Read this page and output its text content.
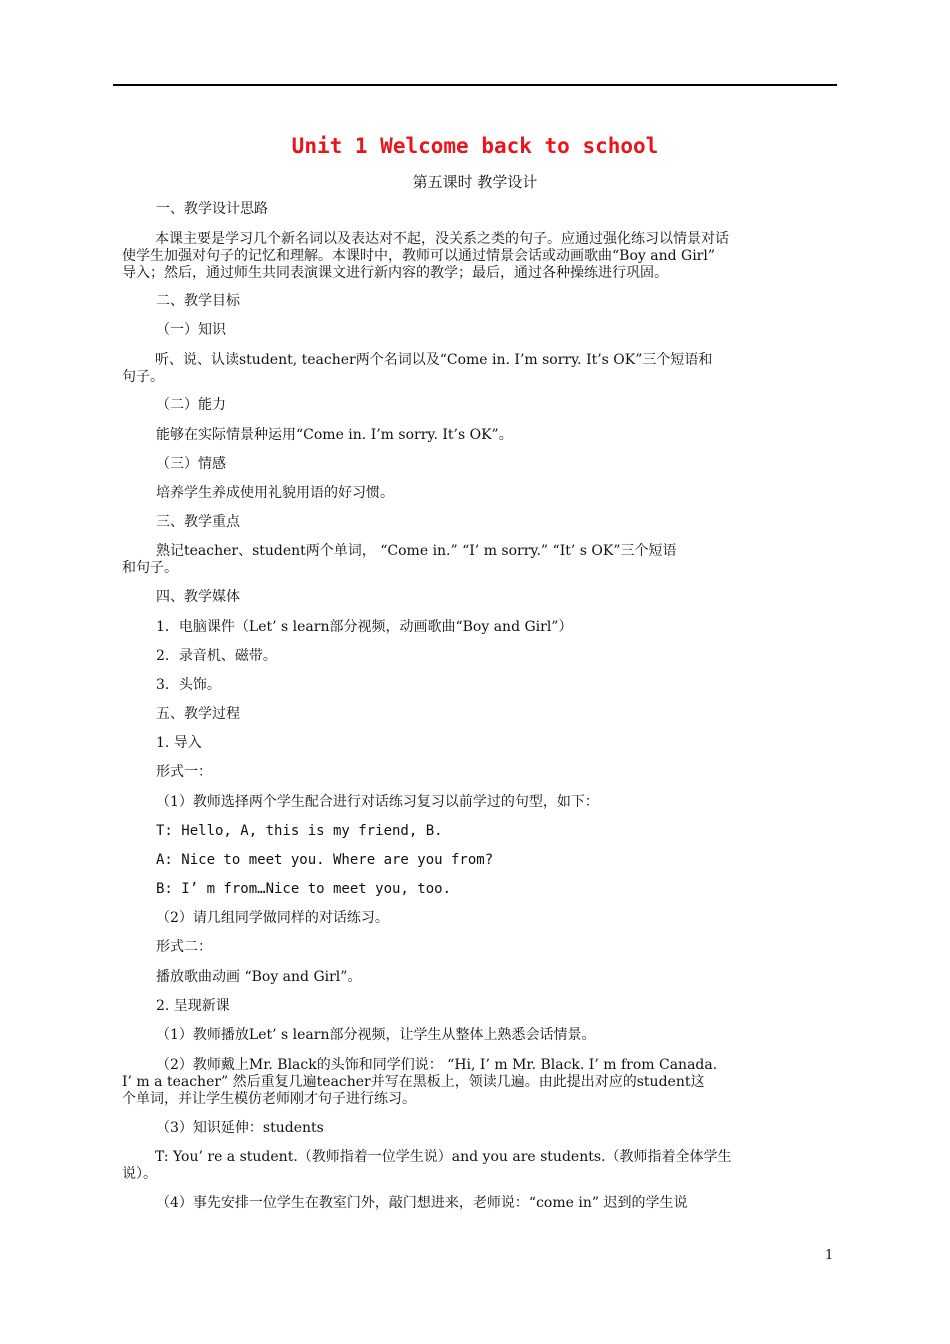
Unit 1 Welcome back to school
第五课时 教学设计
一、教学设计思路
本课主要是学习几个新名词以及表达对不起，没关系之类的句子。应通过强化练习以情景对话
使学生加强对句子的记忆和理解。本课时中，教师可以通过情景会话或动画歌曲“Boy and Girl”
导入；然后，通过师生共同表演课文进行新内容的教学；最后，通过各种操练进行巩固。
二、教学目标
（一）知识
听、说、认读student, teacher两个名词以及“Come in. I’m sorry. It’s OK”三个短语和
句子。
（二）能力
能够在实际情景种运用“Come in. I’m sorry. It’s OK”。
（三）情感
培养学生养成使用礼貌用语的好习惯。
三、教学重点
熟记teacher、student两个单词， “Come in.” “I’ m sorry.” “It’ s OK”三个短语
和句子。
四、教学媒体
1．电脑课件（Let’ s learn部分视频，动画歌曲“Boy and Girl”）
2．录音机、磁带。
3．头饰。
五、教学过程
1. 导入
形式一：
（1）教师选择两个学生配合进行对话练习复习以前学过的句型，如下：
T: Hello, A, this is my friend, B.
A: Nice to meet you. Where are you from?
B: I’ m from…Nice to meet you, too.
（2）请几组同学做同样的对话练习。
形式二：
播放歌曲动画 “Boy and Girl”。
2. 呈现新课
（1）教师播放Let’ s learn部分视频，让学生从整体上熟悉会话情景。
（2）教师戴上Mr. Black的头饰和同学们说： “Hi, I’ m Mr. Black. I’ m from Canada.
I’ m a teacher” 然后重复几遍teacher并写在黑板上，领读几遍。由此提出对应的student这
个单词，并让学生模仿老师刚才句子进行练习。
（3）知识延伸：students
T: You’ re a student.（教师指着一位学生说）and you are students.（教师指着全体学生
说）。
（4）事先安排一位学生在教室门外，敲门想进来，老师说：“come in” 迟到的学生说
1
